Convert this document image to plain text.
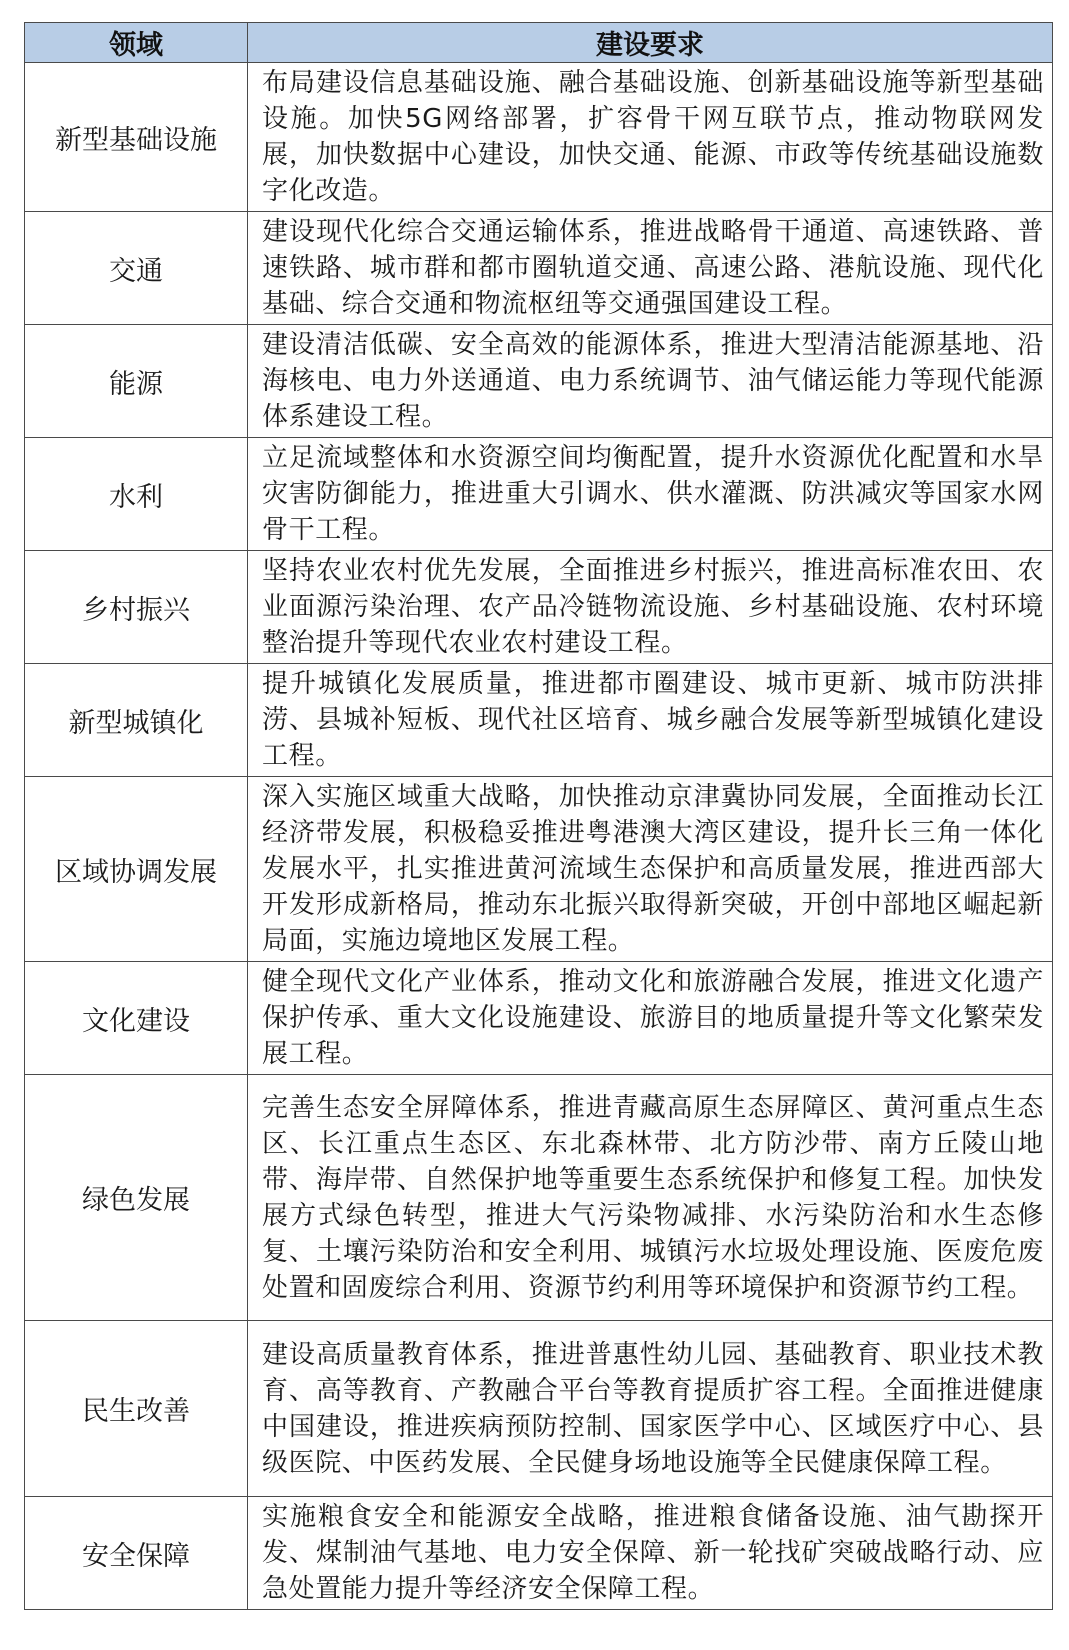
领域	建设要求
新型基础设施	布局建设信息基础设施、融合基础设施、创新基础设施等新型基础设施。加快5G网络部署，扩容骨干网互联节点，推动物联网发展，加快数据中心建设，加快交通、能源、市政等传统基础设施数字化改造。
交通	建设现代化综合交通运输体系，推进战略骨干通道、高速铁路、普速铁路、城市群和都市圈轨道交通、高速公路、港航设施、现代化基础、综合交通和物流枢纽等交通强国建设工程。
能源	建设清洁低碳、安全高效的能源体系，推进大型清洁能源基地、沿海核电、电力外送通道、电力系统调节、油气储运能力等现代能源体系建设工程。
水利	立足流域整体和水资源空间均衡配置，提升水资源优化配置和水旱灾害防御能力，推进重大引调水、供水灌溉、防洪减灾等国家水网骨干工程。
乡村振兴	坚持农业农村优先发展，全面推进乡村振兴，推进高标准农田、农业面源污染治理、农产品冷链物流设施、乡村基础设施、农村环境整治提升等现代农业农村建设工程。
新型城镇化	提升城镇化发展质量，推进都市圈建设、城市更新、城市防洪排涝、县城补短板、现代社区培育、城乡融合发展等新型城镇化建设工程。
区域协调发展	深入实施区域重大战略，加快推动京津冀协同发展，全面推动长江经济带发展，积极稳妥推进粤港澳大湾区建设，提升长三角一体化发展水平，扎实推进黄河流域生态保护和高质量发展，推进西部大开发形成新格局，推动东北振兴取得新突破，开创中部地区崛起新局面，实施边境地区发展工程。
文化建设	健全现代文化产业体系，推动文化和旅游融合发展，推进文化遗产保护传承、重大文化设施建设、旅游目的地质量提升等文化繁荣发展工程。
绿色发展	完善生态安全屏障体系，推进青藏高原生态屏障区、黄河重点生态区、长江重点生态区、东北森林带、北方防沙带、南方丘陵山地带、海岸带、自然保护地等重要生态系统保护和修复工程。加快发展方式绿色转型，推进大气污染物减排、水污染防治和水生态修复、土壤污染防治和安全利用、城镇污水垃圾处理设施、医废危废处置和固废综合利用、资源节约利用等环境保护和资源节约工程。
民生改善	建设高质量教育体系，推进普惠性幼儿园、基础教育、职业技术教育、高等教育、产教融合平台等教育提质扩容工程。全面推进健康中国建设，推进疾病预防控制、国家医学中心、区域医疗中心、县级医院、中医药发展、全民健身场地设施等全民健康保障工程。
安全保障	实施粮食安全和能源安全战略，推进粮食储备设施、油气勘探开发、煤制油气基地、电力安全保障、新一轮找矿突破战略行动、应急处置能力提升等经济安全保障工程。
